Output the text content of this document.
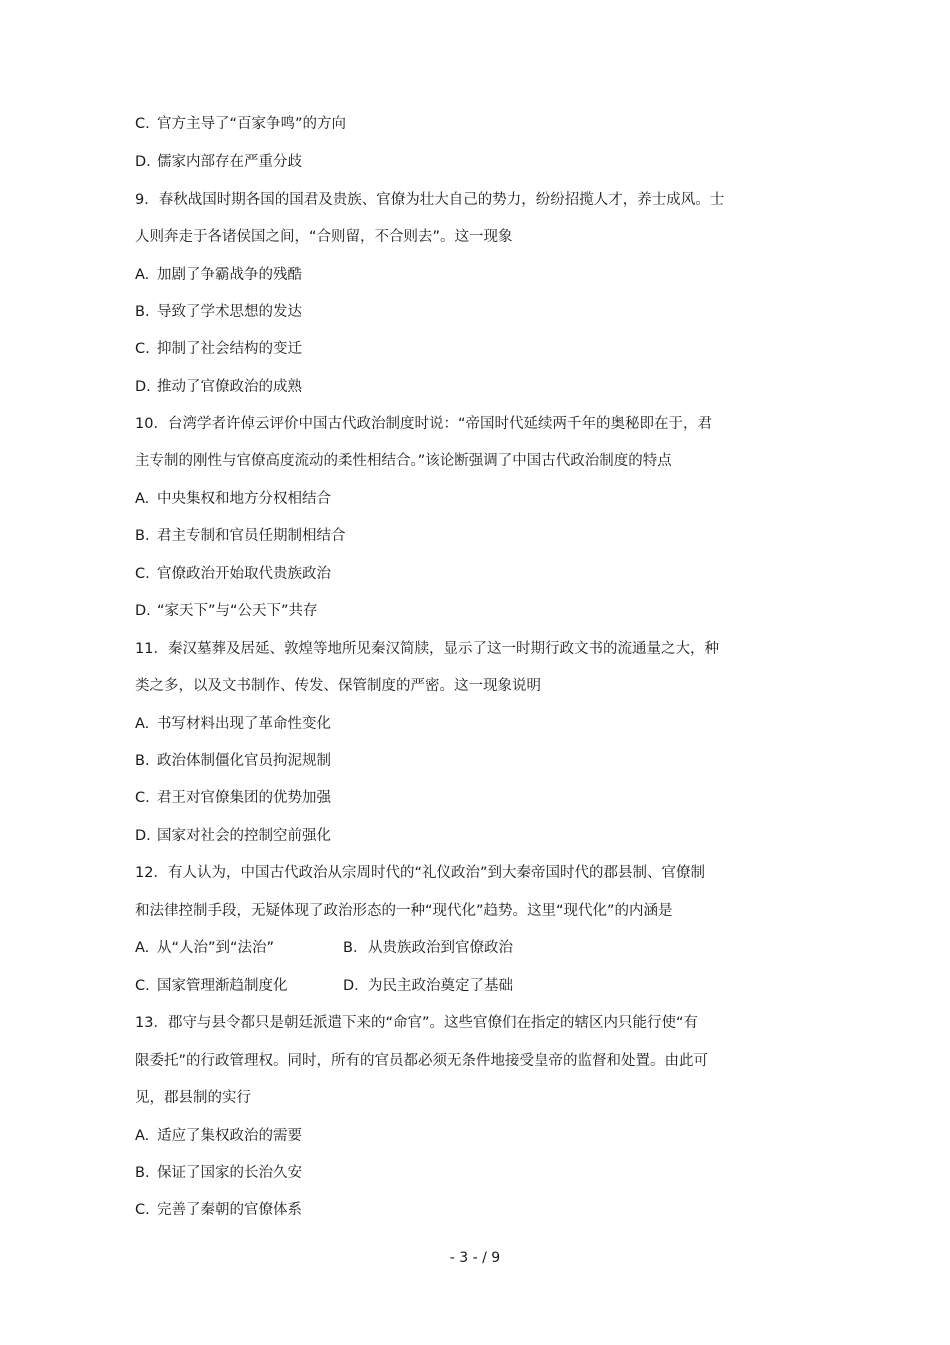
C. 官方主导了“百家争鸣”的方向
D. 儒家内部存在严重分歧
9．春秋战国时期各国的国君及贵族、官僚为壮大自己的势力，纷纷招揽人才，养士成风。士
人则奔走于各诸侯国之间，“合则留，不合则去”。这一现象
A. 加剧了争霸战争的残酷
B. 导致了学术思想的发达
C. 抑制了社会结构的变迁
D. 推动了官僚政治的成熟
10．台湾学者许倬云评价中国古代政治制度时说：“帝国时代延续两千年的奥秘即在于，君
主专制的刚性与官僚高度流动的柔性相结合。”该论断强调了中国古代政治制度的特点
A. 中央集权和地方分权相结合
B. 君主专制和官员任期制相结合
C. 官僚政治开始取代贵族政治
D. “家天下”与“公天下”共存
11．秦汉墓葬及居延、敦煌等地所见秦汉简牍，显示了这一时期行政文书的流通量之大，种
类之多，以及文书制作、传发、保管制度的严密。这一现象说明
A. 书写材料出现了革命性变化
B. 政治体制僵化官员拘泥规制
C. 君王对官僚集团的优势加强
D. 国家对社会的控制空前强化
12．有人认为，中国古代政治从宗周时代的“礼仪政治”到大秦帝国时代的郡县制、官僚制
和法律控制手段，无疑体现了政治形态的一种“现代化”趋势。这里“现代化”的内涵是
A. 从“人治”到“法治”	B．从贵族政治到官僚政治
C. 国家管理渐趋制度化	D．为民主政治奠定了基础
13．郡守与县令都只是朝廷派遣下来的“命官”。这些官僚们在指定的辖区内只能行使“有
限委托”的行政管理权。同时，所有的官员都必须无条件地接受皇帝的监督和处置。由此可
见，郡县制的实行
A. 适应了集权政治的需要
B. 保证了国家的长治久安
C. 完善了秦朝的官僚体系
- 3 - / 9
